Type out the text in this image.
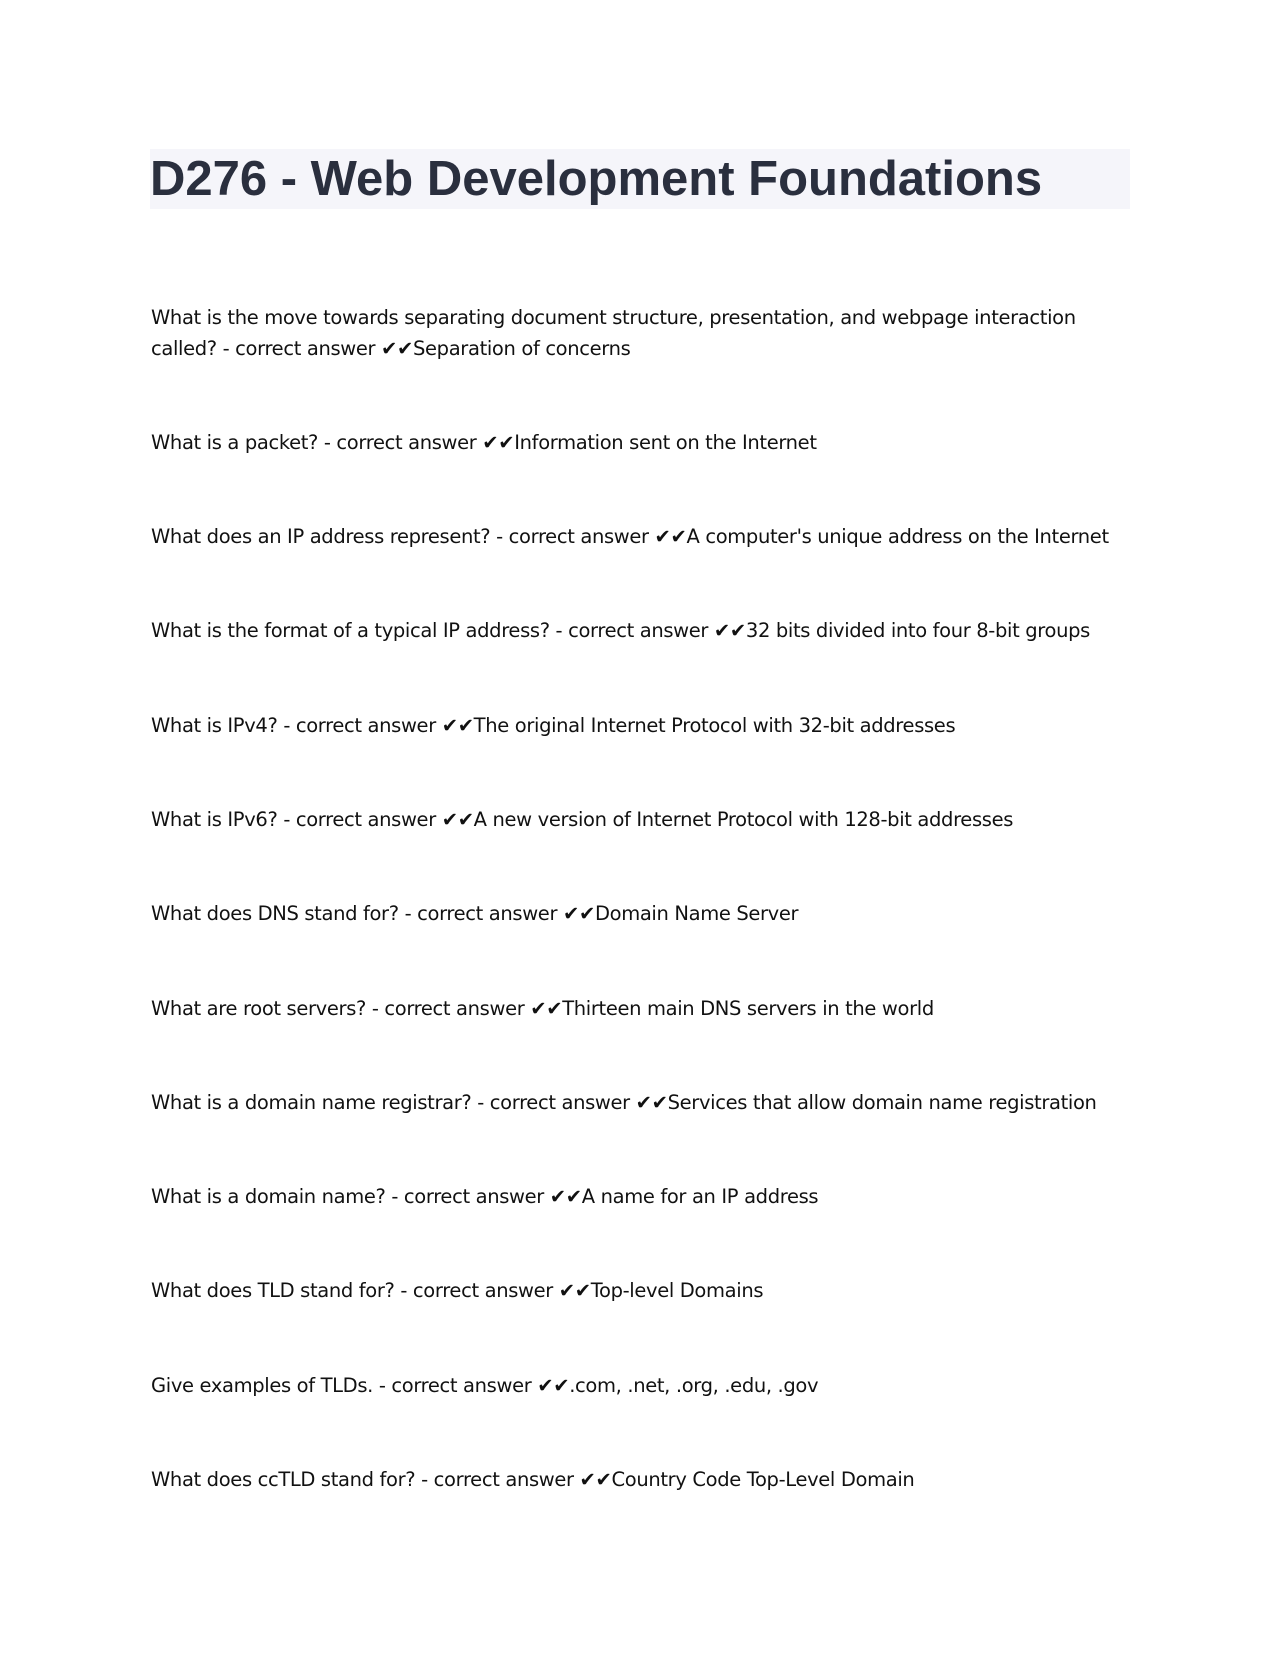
D276 - Web Development Foundations
What is the move towards separating document structure, presentation, and webpage interaction called? - correct answer ✔✔Separation of concerns
What is a packet? - correct answer ✔✔Information sent on the Internet
What does an IP address represent? - correct answer ✔✔A computer's unique address on the Internet
What is the format of a typical IP address? - correct answer ✔✔32 bits divided into four 8-bit groups
What is IPv4? - correct answer ✔✔The original Internet Protocol with 32-bit addresses
What is IPv6? - correct answer ✔✔A new version of Internet Protocol with 128-bit addresses
What does DNS stand for? - correct answer ✔✔Domain Name Server
What are root servers? - correct answer ✔✔Thirteen main DNS servers in the world
What is a domain name registrar? - correct answer ✔✔Services that allow domain name registration
What is a domain name? - correct answer ✔✔A name for an IP address
What does TLD stand for? - correct answer ✔✔Top-level Domains
Give examples of TLDs. - correct answer ✔✔.com, .net, .org, .edu, .gov
What does ccTLD stand for? - correct answer ✔✔Country Code Top-Level Domain
